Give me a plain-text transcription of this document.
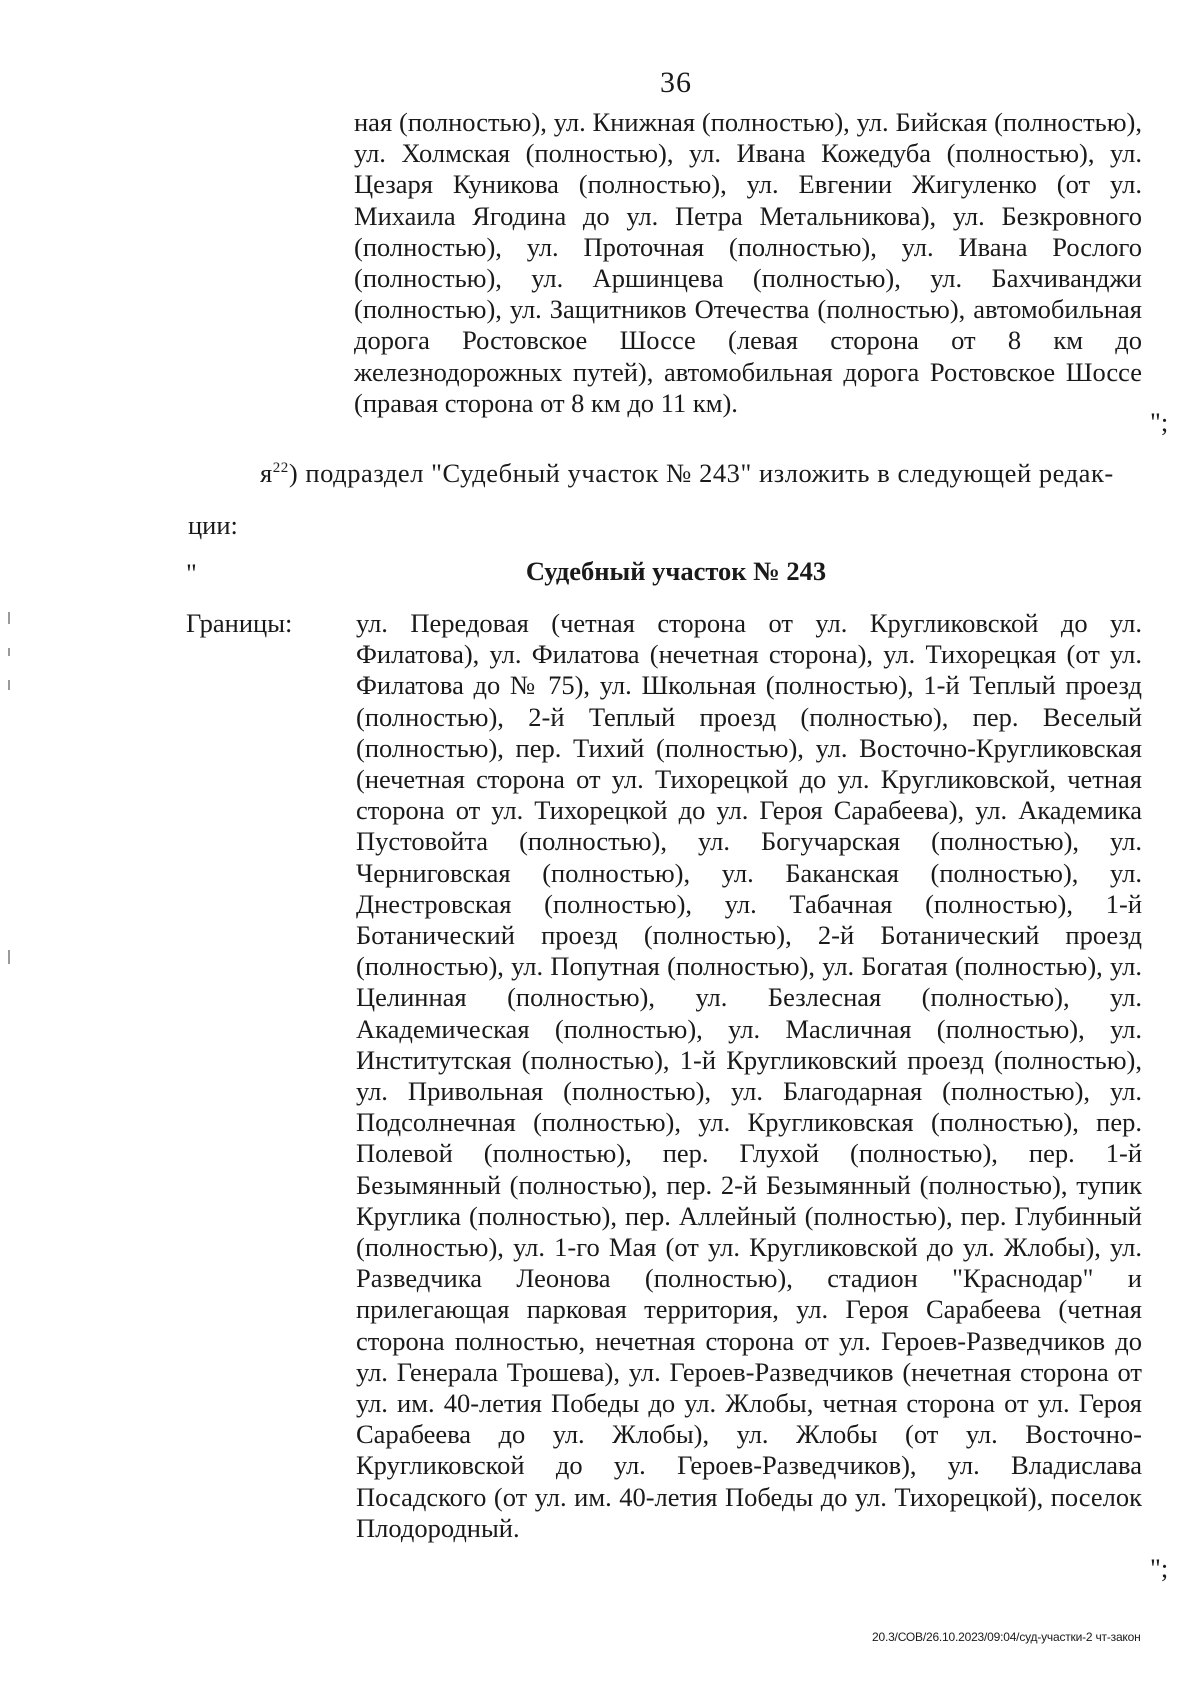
36

ная (полностью), ул. Книжная (полностью), ул. Бийская (полностью), ул. Холмская (полностью), ул. Ивана Кожедуба (полностью), ул. Цезаря Куникова (полностью), ул. Евгении Жигуленко (от ул. Михаила Ягодина до ул. Петра Метальникова), ул. Безкровного (полностью), ул. Проточная (полностью), ул. Ивана Рослого (полностью), ул. Аршинцева (полностью), ул. Бахчиванджи (полностью), ул. Защитников Отечества (полностью), автомобильная дорога Ростовское Шоссе (левая сторона от 8 км до железнодорожных путей), автомобильная дорога Ростовское Шоссе (правая сторона от 8 км до 11 км).

";
$я^{22}$) подраздел "Судебный участок № 243" изложить в следующей редак-
ции:
"	Судебный участок № 243
Границы: ул. Передовая (четная сторона от ул. Кругликовской до ул. Филатова), ул. Филатова (нечетная сторона), ул. Тихорецкая (от ул. Филатова до № 75), ул. Школьная (полностью), 1-й Теплый проезд (полностью), 2-й Теплый проезд (полностью), пер. Веселый (полностью), пер. Тихий (полностью), ул. Восточно-Кругликовская (нечетная сторона от ул. Тихорецкой до ул. Кругликовской, четная сторона от ул. Тихорецкой до ул. Героя Сарабеева), ул. Академика Пустовойта (полностью), ул. Богучарская (полностью), ул. Черниговская (полностью), ул. Баканская (полностью), ул. Днестровская (полностью), ул. Табачная (полностью), 1-й Ботанический проезд (полностью), 2-й Ботанический проезд (полностью), ул. Попутная (полностью), ул. Богатая (полностью), ул. Целинная (полностью), ул. Безлесная (полностью), ул. Академическая (полностью), ул. Масличная (полностью), ул. Институтская (полностью), 1-й Кругликовский проезд (полностью), ул. Привольная (полностью), ул. Благодарная (полностью), ул. Подсолнечная (полностью), ул. Кругликовская (полностью), пер. Полевой (полностью), пер. Глухой (полностью), пер. 1-й Безымянный (полностью), пер. 2-й Безымянный (полностью), тупик Круглика (полностью), пер. Аллейный (полностью), пер. Глубинный (полностью), ул. 1-го Мая (от ул. Кругликовской до ул. Жлобы), ул. Разведчика Леонова (полностью), стадион "Краснодар" и прилегающая парковая территория, ул. Героя Сарабеева (четная сторона полностью, нечетная сторона от ул. Героев-Разведчиков до ул. Генерала Трошева), ул. Героев-Разведчиков (нечетная сторона от ул. им. 40-летия Победы до ул. Жлобы, четная сторона от ул. Героя Сарабеева до ул. Жлобы), ул. Жлобы (от ул. Восточно-Кругликовской до ул. Героев-Разведчиков), ул. Владислава Посадского (от ул. им. 40-летия Победы до ул. Тихорецкой), поселок Плодородный.

";
20.3/СОВ/26.10.2023/09:04/суд-участки-2 чт-закон
